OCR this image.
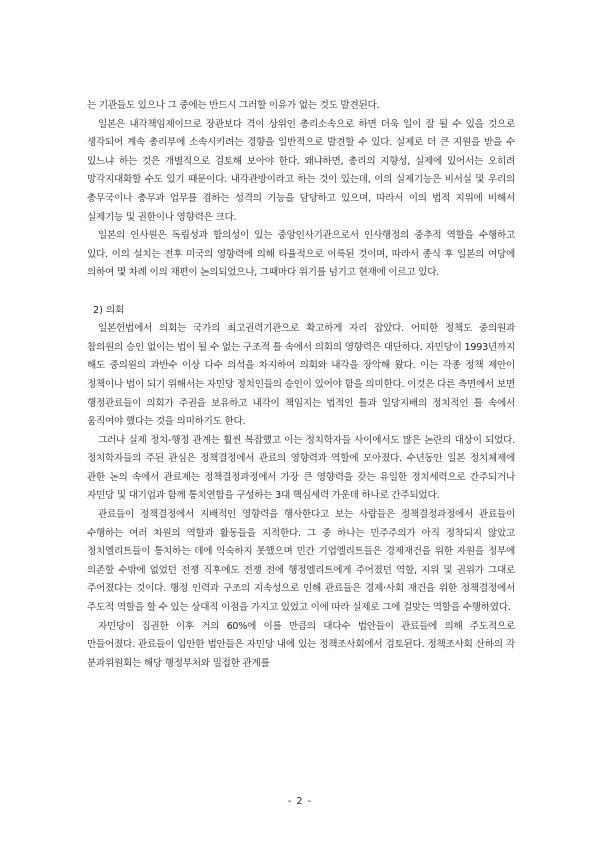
는 기관들도 있으나 그 중에는 반드시 그러할 이유가 없는 것도 발견된다.

일본은 내각책임제이므로 장관보다 격이 상위인 총리소속으로 하면 더욱 일이 잘 될 수 있을 것으로 생각되어 계속 총리부에 소속시키려는 경향을 일반적으로 발견할 수 있다. 실제로 더 큰 지원을 받을 수 있느냐 하는 것은 개별적으로 검토해 보아야 한다. 왜냐하면, 총리의 지향성, 실제에 있어서는 오히려 망각지대화할 수도 있기 때문이다. 내각관방이라고 하는 것이 있는데, 이의 실제기능은 비서실 및 우리의 총무국이나 총무과 업무를 겸하는 성격의 기능을 담당하고 있으며, 따라서 이의 법적 지위에 비해서 실제기능 및 권한이나 영향력은 크다.

일본의 인사원은 독립성과 합의성이 있는 중앙인사기관으로서 인사행정의 중추적 역할을 수행하고 있다. 이의 설치는 전후 미국의 영향력에 의해 타율적으로 이룩된 것이며, 따라서 종식 후 일본의 여당에 의하여 몇 차례 이의 재편이 논의되었으나, 그때마다 위기를 넘기고 현재에 이르고 있다.

2) 의회

일본헌법에서 의회는 국가의 최고권력기관으로 확고하게 자리 잡았다. 어떠한 정책도 중의원과 참의원의 승인 없이는 법이 될 수 없는 구조적 틀 속에서 의회의 영향력은 대단하다. 자민당이 1993년까지 해도 중의원의 과반수 이상 다수 의석을 차지하여 의회와 내각을 장악해 왔다. 이는 각종 정책 제안이 정책이나 법이 되기 위해서는 자민당 정치인들의 승인이 있어야 함을 의미한다. 이것은 다른 측면에서 보면 행정관료들이 의회가 주권을 보유하고 내각이 책임지는 법적인 틀과 일당지배의 정치적인 틀 속에서 움직여야 했다는 것을 의미하기도 한다.

그러나 실제 정치-행정 관계는 훨씬 복잡했고 이는 정치학자들 사이에서도 많은 논란의 대상이 되었다. 정치학자들의 주된 관심은 정책결정에서 관료의 영향력과 역할에 모아졌다. 수년동안 일본 정치체제에 관한 논의 속에서 관료제는 정책결정과정에서 가장 큰 영향력을 갖는 유일한 정치세력으로 간주되거나 자민당 및 대기업과 함께 통치연합을 구성하는 3대 핵심세력 가운데 하나로 간주되었다.

관료들이 정책결정에서 지배적인 영향력을 행사한다고 보는 사람들은 정책결정과정에서 관료들이 수행하는 여러 차원의 역할과 활동들을 지적한다. 그 중 하나는 민주주의가 아직 정착되지 않았고 정치엘리트들이 통치하는 데에 익숙하지 못했으며 민간 기업엘리트들은 경제재건을 위한 자원을 정부에 의존할 수밖에 없었던 전쟁 직후에도 전쟁 전에 행정엘리트에게 주어졌던 역할, 지위 및 권위가 그대로 주어졌다는 것이다. 행정 인력과 구조의 지속성으로 인해 관료들은 경제·사회 재건을 위한 정책결정에서 주도적 역할을 할 수 있는 상대적 이점을 가지고 있었고 이에 따라 실제로 그에 걸맞는 역할을 수행하였다.

자민당이 집권한 이후 거의 60%에 이를 만큼의 대다수 법안들이 관료들에 의해 주도적으로 만들어졌다. 관료들이 입안한 법안들은 자민당 내에 있는 정책조사회에서 검토된다. 정책조사회 산하의 각 분과위원회는 해당 행정부처와 밀접한 관계를

- 2 -
